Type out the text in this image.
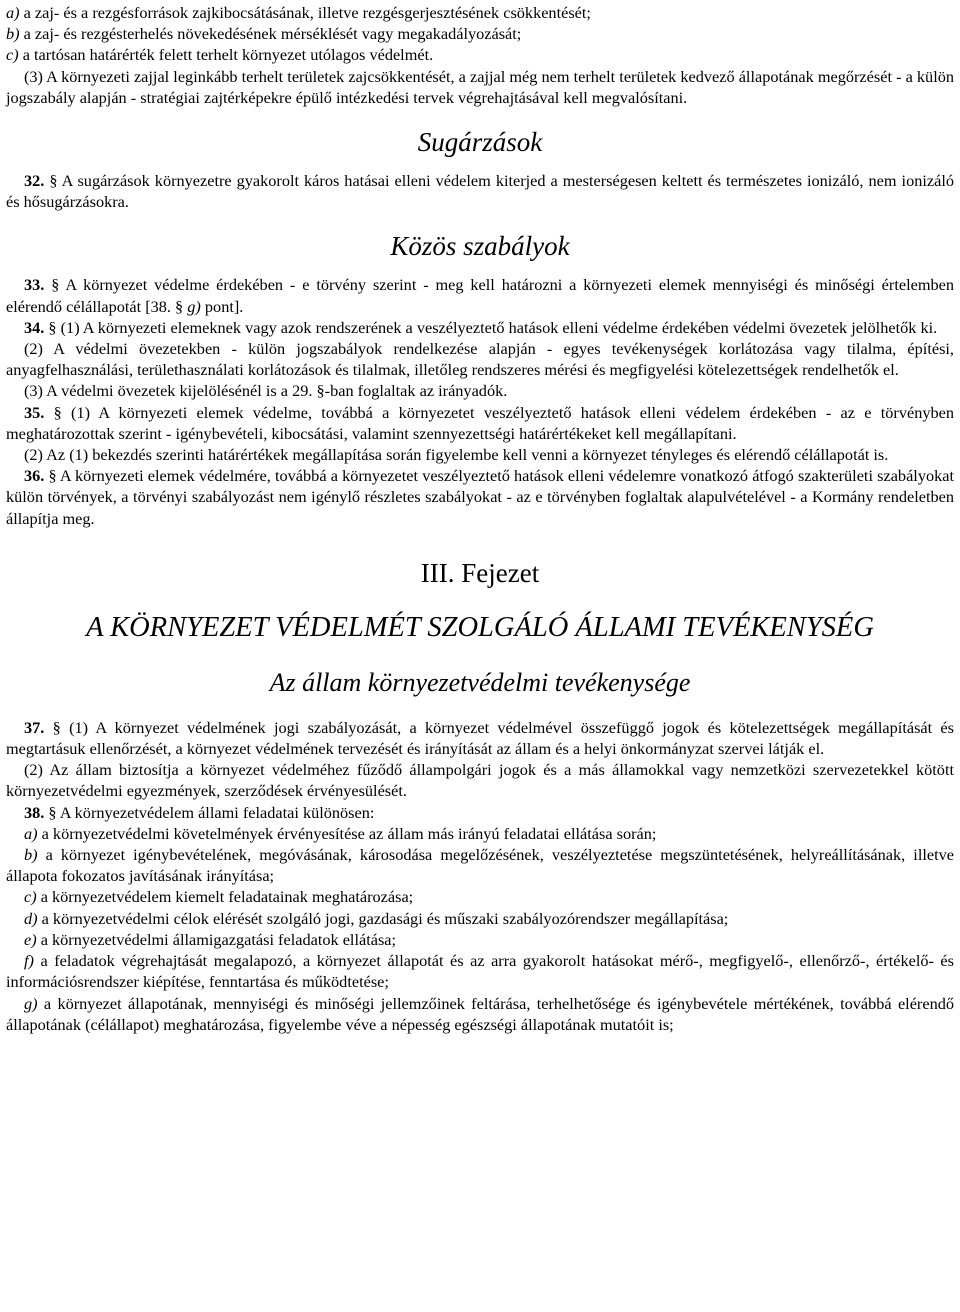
a) a zaj- és a rezgésforrások zajkibocsátásának, illetve rezgésgerjesztésének csökkentését;

b) a zaj- és rezgésterhelés növekedésének mérséklését vagy megakadályozását;

c) a tartósan határérték felett terhelt környezet utólagos védelmét.

(3) A környezeti zajjal leginkább terhelt területek zajcsökkentését, a zajjal még nem terhelt területek kedvező állapotának megőrzését - a külön jogszabály alapján - stratégiai zajtérképekre épülő intézkedési tervek végrehajtásával kell megvalósítani.

Sugárzások

32. § A sugárzások környezetre gyakorolt káros hatásai elleni védelem kiterjed a mesterségesen keltett és természetes ionizáló, nem ionizáló és hősugárzásokra.

Közös szabályok

33. § A környezet védelme érdekében - e törvény szerint - meg kell határozni a környezeti elemek mennyiségi és minőségi értelemben elérendő célállapotát [38. § g) pont].

34. § (1) A környezeti elemeknek vagy azok rendszerének a veszélyeztető hatások elleni védelme érdekében védelmi övezetek jelölhetők ki.

(2) A védelmi övezetekben - külön jogszabályok rendelkezése alapján - egyes tevékenységek korlátozása vagy tilalma, építési, anyagfelhasználási, területhasználati korlátozások és tilalmak, illetőleg rendszeres mérési és megfigyelési kötelezettségek rendelhetők el.

(3) A védelmi övezetek kijelölésénél is a 29. §-ban foglaltak az irányadók.

35. § (1) A környezeti elemek védelme, továbbá a környezetet veszélyeztető hatások elleni védelem érdekében - az e törvényben meghatározottak szerint - igénybevételi, kibocsátási, valamint szennyezettségi határértékeket kell megállapítani.

(2) Az (1) bekezdés szerinti határértékek megállapítása során figyelembe kell venni a környezet tényleges és elérendő célállapotát is.

36. § A környezeti elemek védelmére, továbbá a környezetet veszélyeztető hatások elleni védelemre vonatkozó átfogó szakterületi szabályokat külön törvények, a törvényi szabályozást nem igénylő részletes szabályokat - az e törvényben foglaltak alapulvételével - a Kormány rendeletben állapítja meg.

III. Fejezet
A KÖRNYEZET VÉDELMÉT SZOLGÁLÓ ÁLLAMI TEVÉKENYSÉG
Az állam környezetvédelmi tevékenysége

37. § (1) A környezet védelmének jogi szabályozását, a környezet védelmével összefüggő jogok és kötelezettségek megállapítását és megtartásuk ellenőrzését, a környezet védelmének tervezését és irányítását az állam és a helyi önkormányzat szervei látják el.

(2) Az állam biztosítja a környezet védelméhez fűződő állampolgári jogok és a más államokkal vagy nemzetközi szervezetekkel kötött környezetvédelmi egyezmények, szerződések érvényesülését.

38. § A környezetvédelem állami feladatai különösen:

a) a környezetvédelmi követelmények érvényesítése az állam más irányú feladatai ellátása során;

b) a környezet igénybevételének, megóvásának, károsodása megelőzésének, veszélyeztetése megszüntetésének, helyreállításának, illetve állapota fokozatos javításának irányítása;

c) a környezetvédelem kiemelt feladatainak meghatározása;

d) a környezetvédelmi célok elérését szolgáló jogi, gazdasági és műszaki szabályozórendszer megállapítása;

e) a környezetvédelmi államigazgatási feladatok ellátása;

f) a feladatok végrehajtását megalapozó, a környezet állapotát és az arra gyakorolt hatásokat mérő-, megfigyelő-, ellenőrző-, értékelő- és információsrendszer kiépítése, fenntartása és működtetése;

g) a környezet állapotának, mennyiségi és minőségi jellemzőinek feltárása, terhelhetősége és igénybevétele mértékének, továbbá elérendő állapotának (célállapot) meghatározása, figyelembe véve a népesség egészségi állapotának mutatóit is;
